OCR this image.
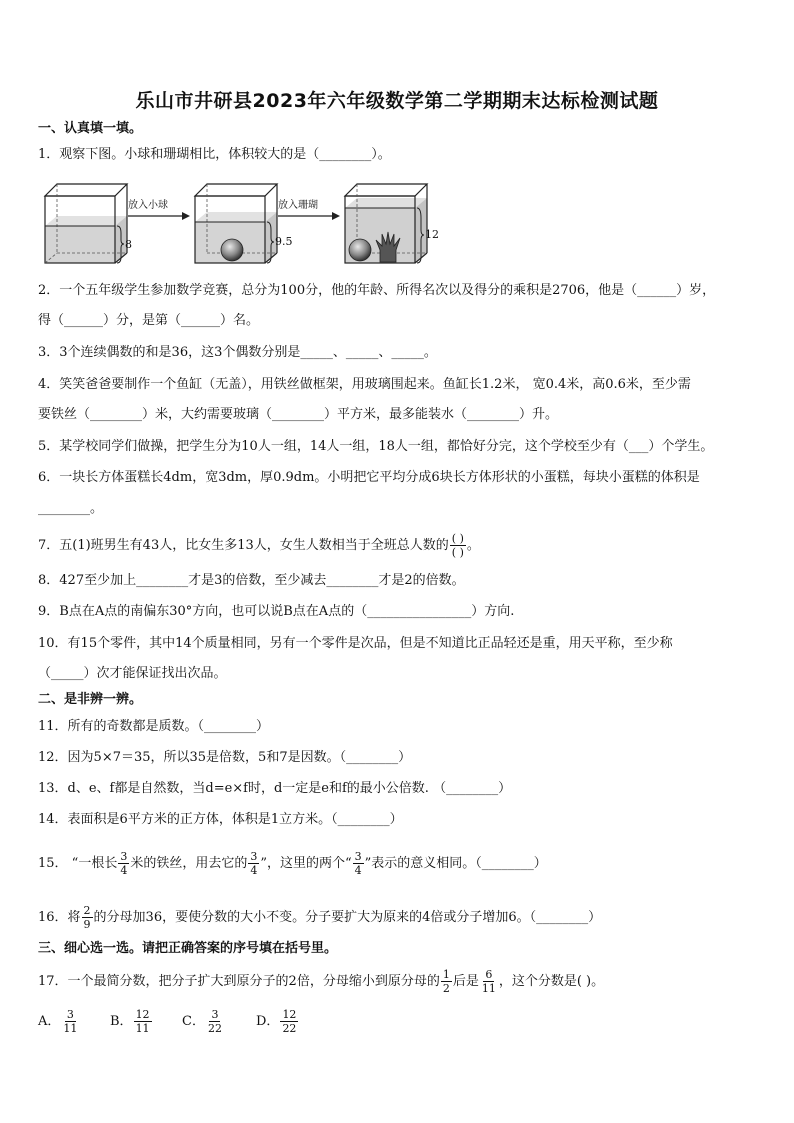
乐山市井研县2023年六年级数学第二学期期末达标检测试题
一、认真填一填。
1．观察下图。小球和珊瑚相比，体积较大的是（________）。
8
放入小球
9.5
放入珊瑚
12
2．一个五年级学生参加数学竞赛，总分为100分，他的年龄、所得名次以及得分的乘积是2706，他是（______）岁，
得（______）分，是第（______）名。
3．3个连续偶数的和是36，这3个偶数分别是_____、_____、_____。
4．笑笑爸爸要制作一个鱼缸（无盖），用铁丝做框架，用玻璃围起来。鱼缸长1.2米， 宽0.4米，高0.6米，至少需
要铁丝（________）米，大约需要玻璃（________）平方米，最多能装水（________）升。
5．某学校同学们做操，把学生分为10人一组，14人一组，18人一组，都恰好分完，这个学校至少有（___）个学生。
6．一块长方体蛋糕长4dm，宽3dm，厚0.9dm。小明把它平均分成6块长方体形状的小蛋糕，每块小蛋糕的体积是
________。
7．五(1)班男生有43人，比女生多13人，女生人数相当于全班总人数的 $\frac{( )}{( )}$ 。
8．427至少加上________才是3的倍数，至少减去________才是2的倍数。
9．B点在A点的南偏东30°方向，也可以说B点在A点的（________________）方向.
10．有15个零件，其中14个质量相同，另有一个零件是次品，但是不知道比正品轻还是重，用天平称，至少称
（_____）次才能保证找出次品。
二、是非辨一辨。
11．所有的奇数都是质数。（________）
12．因为5×7＝35，所以35是倍数，5和7是因数。（________）
13．d、e、f都是自然数，当d=e×f时，d一定是e和f的最小公倍数. （________）
14．表面积是6平方米的正方体，体积是1立方米。（________）
15． “一根长 $\frac{3}{4}$ 米的铁丝，用去它的 $\frac{3}{4}$ ”，这里的两个“ $\frac{3}{4}$ ”表示的意义相同。（________）
16．将 $\frac{2}{9}$ 的分母加36，要使分数的大小不变。分子要扩大为原来的4倍或分子增加6。（________）
三、细心选一选。请把正确答案的序号填在括号里。
17．一个最简分数，把分子扩大到原分子的2倍，分母缩小到原分母的 $\frac{1}{2}$ 后是 $\frac{6}{11}$ ，这个分数是( )。
A． $\frac{3}{11}$ B． $\frac{12}{11}$ C． $\frac{3}{22}$ D． $\frac{12}{22}$
